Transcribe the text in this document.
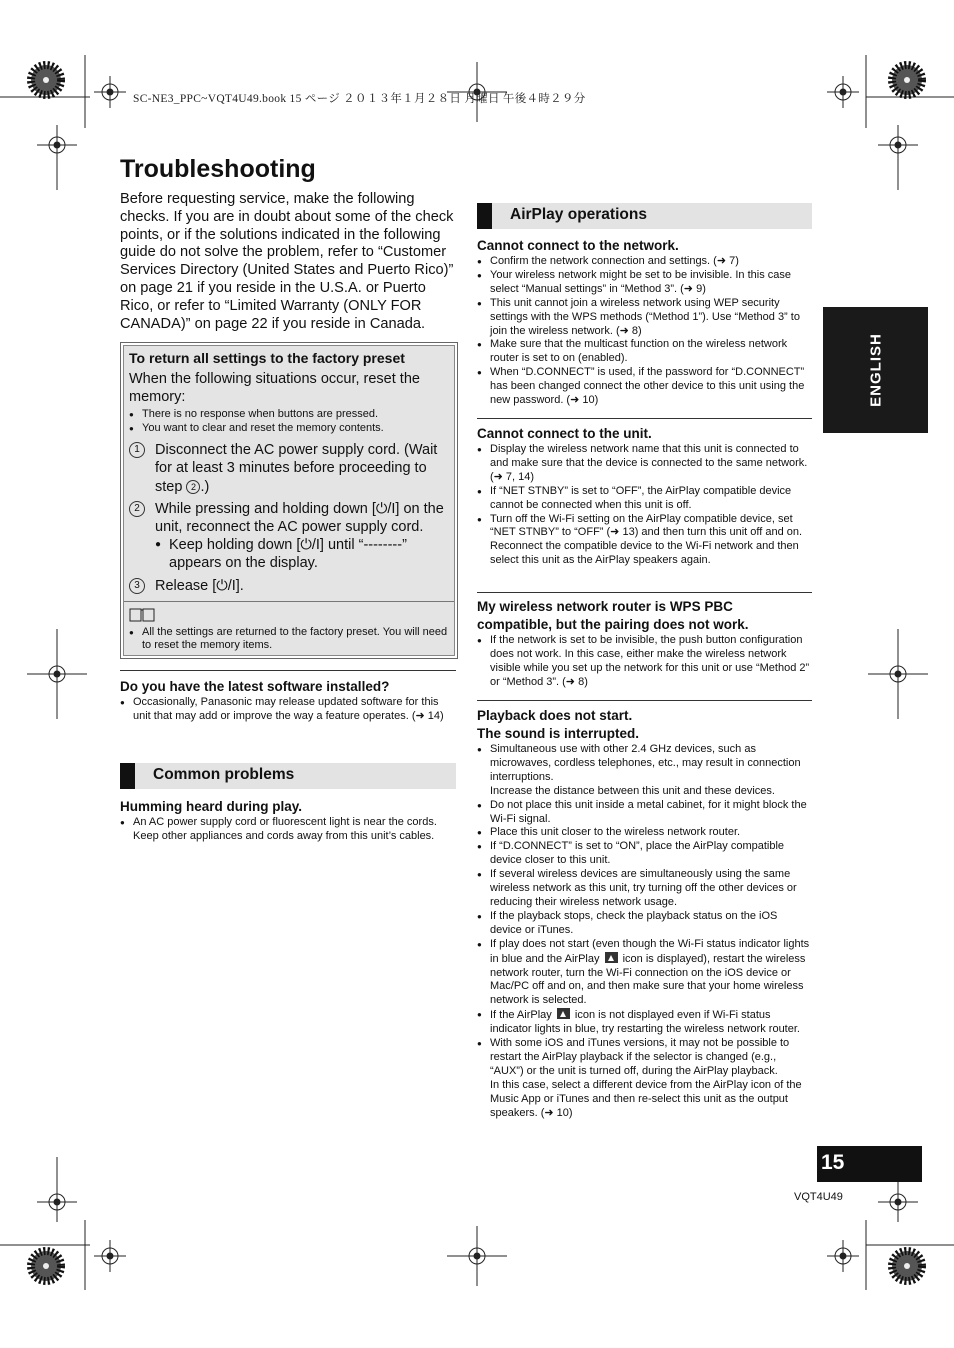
SC-NE3_PPC~VQT4U49.book 15 ページ ２０１３年１月２８日 月曜日 午後４時２９分
Troubleshooting

Before requesting service, make the following checks. If you are in doubt about some of the check points, or if the solutions indicated in the following guide do not solve the problem, refer to “Customer Services Directory (United States and Puerto Rico)” on page 21 if you reside in the U.S.A. or Puerto Rico, or refer to “Limited Warranty (ONLY FOR CANADA)” on page 22 if you reside in Canada.

To return all settings to the factory preset

When the following situations occur, reset the memory:

● There is no response when buttons are pressed.
● You want to clear and reset the memory contents.
1	Disconnect the AC power supply cord. (Wait for at least 3 minutes before proceeding to step 2 .)
2	While pressing and holding down [⏻/I] on the unit, reconnect the AC power supply cord.
● Keep holding down [⏻/I] until “--------” appears on the display.
3	Release [⏻/I].
● All the settings are returned to the factory preset. You will need to reset the memory items.

Do you have the latest software installed?

● Occasionally, Panasonic may release updated software for this unit that may add or improve the way a feature operates. (➜ 14)
Common problems

Humming heard during play.

● An AC power supply cord or fluorescent light is near the cords. Keep other appliances and cords away from this unit’s cables.
AirPlay operations

Cannot connect to the network.

● Confirm the network connection and settings. (➜ 7)
● Your wireless network might be set to be invisible. In this case select “Manual settings” in “Method 3”. (➜ 9)
● This unit cannot join a wireless network using WEP security settings with the WPS methods (“Method 1”). Use “Method 3” to join the wireless network. (➜ 8)
● Make sure that the multicast function on the wireless network router is set to on (enabled).
● When “D.CONNECT” is used, if the password for “D.CONNECT” has been changed connect the other device to this unit using the new password. (➜ 10)

Cannot connect to the unit.

● Display the wireless network name that this unit is connected to and make sure that the device is connected to the same network. (➜ 7, 14)
● If “NET STNBY” is set to “OFF”, the AirPlay compatible device cannot be connected when this unit is off.
● Turn off the Wi-Fi setting on the AirPlay compatible device, set “NET STNBY” to “OFF” (➜ 13) and then turn this unit off and on. Reconnect the compatible device to the Wi-Fi network and then select this unit as the AirPlay speakers again.

My wireless network router is WPS PBC
compatible, but the pairing does not work.

● If the network is set to be invisible, the push button configuration does not work. In this case, either make the wireless network visible while you set up the network for this unit or use “Method 2” or “Method 3”. (➜ 8)

Playback does not start.
The sound is interrupted.

● Simultaneous use with other 2.4 GHz devices, such as microwaves, cordless telephones, etc., may result in connection interruptions.
Increase the distance between this unit and these devices.
● Do not place this unit inside a metal cabinet, for it might block the Wi-Fi signal.
● Place this unit closer to the wireless network router.
● If “D.CONNECT” is set to “ON”, place the AirPlay compatible device closer to this unit.
● If several wireless devices are simultaneously using the same wireless network as this unit, try turning off the other devices or reducing their wireless network usage.
● If the playback stops, check the playback status on the iOS device or iTunes.
● If play does not start (even though the Wi-Fi status indicator lights in blue and the AirPlay icon is displayed), restart the wireless network router, turn the Wi-Fi connection on the iOS device or Mac/PC off and on, and then make sure that your home wireless network is selected.
● If the AirPlay icon is not displayed even if Wi-Fi status indicator lights in blue, try restarting the wireless network router.
● With some iOS and iTunes versions, it may not be possible to restart the AirPlay playback if the selector is changed (e.g., “AUX”) or the unit is turned off, during the AirPlay playback.
In this case, select a different device from the AirPlay icon of the Music App or iTunes and then re-select this unit as the output speakers. (➜ 10)
ENGLISH
15
VQT4U49
